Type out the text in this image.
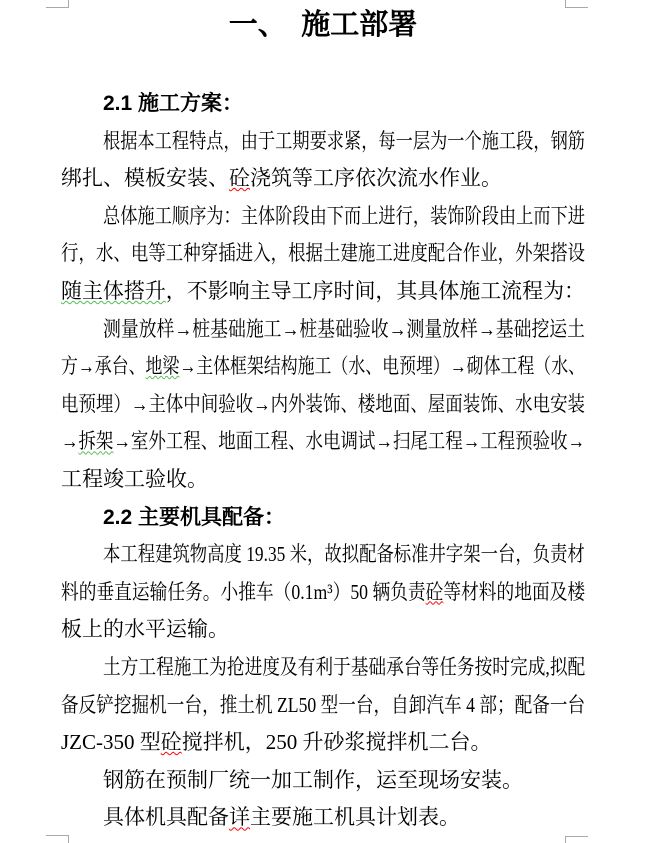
一、　施工部署
2.1 施工方案：
根据本工程特点，由于工期要求紧，每一层为一个施工段，钢筋
绑扎、模板安装、砼浇筑等工序依次流水作业。
总体施工顺序为：主体阶段由下而上进行，装饰阶段由上而下进
行，水、电等工种穿插进入，根据土建施工进度配合作业，外架搭设
随主体搭升，不影响主导工序时间，其具体施工流程为：
测量放样→桩基础施工→桩基础验收→测量放样→基础挖运土
方→承台、地梁→主体框架结构施工（水、电预埋）→砌体工程（水、
电预埋）→主体中间验收→内外装饰、楼地面、屋面装饰、水电安装
→拆架→室外工程、地面工程、水电调试→扫尾工程→工程预验收→
工程竣工验收。
2.2 主要机具配备：
本工程建筑物高度 19.35 米，故拟配备标准井字架一台，负责材
料的垂直运输任务。小推车（0.1m³）50 辆负责砼等材料的地面及楼
板上的水平运输。
土方工程施工为抢进度及有利于基础承台等任务按时完成,拟配
备反铲挖掘机一台，推土机 ZL50 型一台，自卸汽车 4 部；配备一台
JZC-350 型砼搅拌机，250 升砂浆搅拌机二台。
钢筋在预制厂统一加工制作，运至现场安装。
具体机具配备详主要施工机具计划表。
